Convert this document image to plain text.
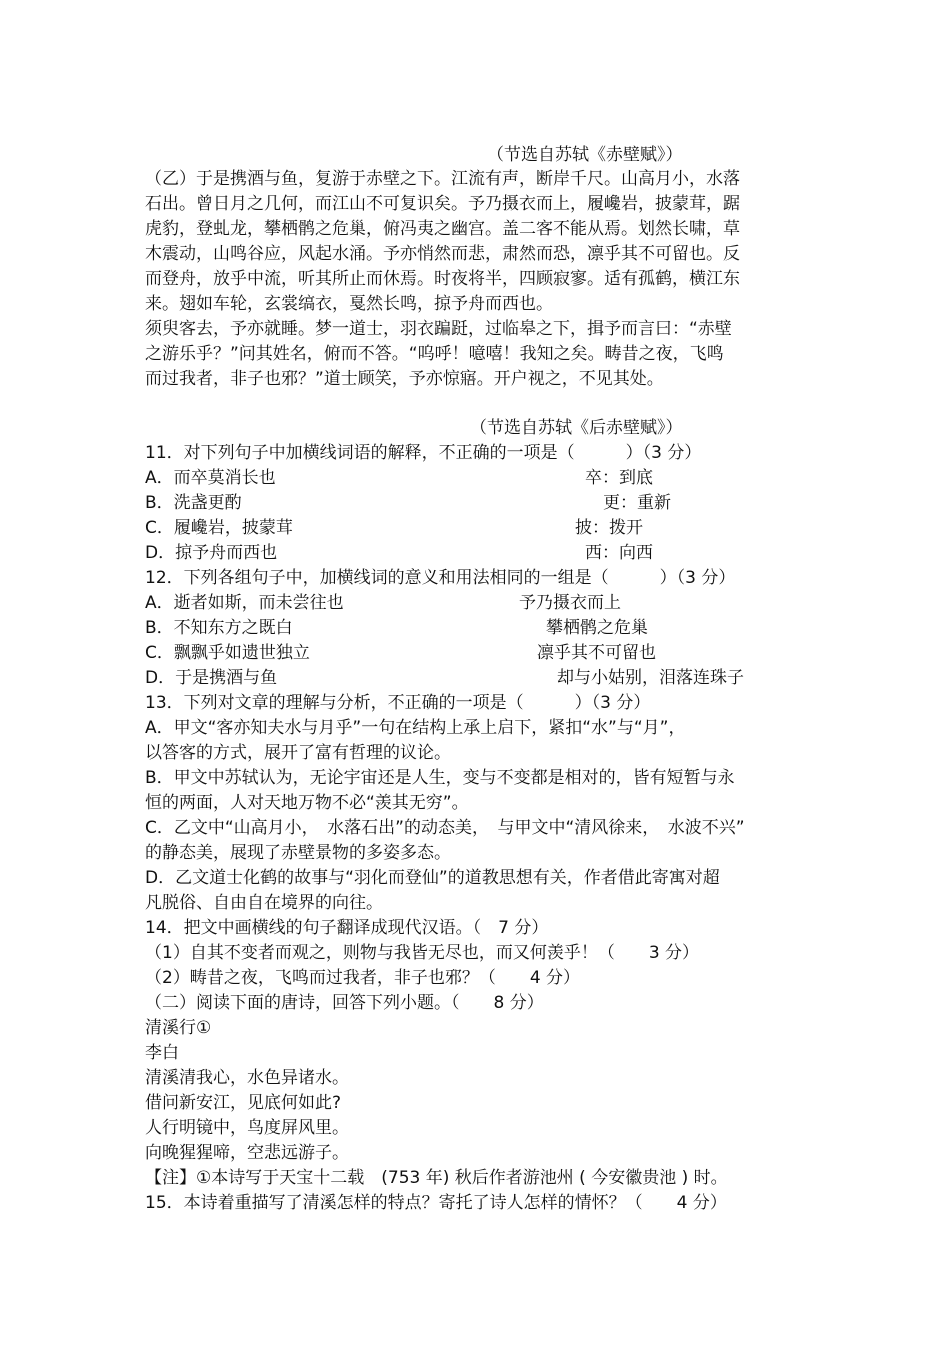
（节选自苏轼《赤壁赋》）
（乙）于是携酒与鱼，复游于赤壁之下。江流有声，断岸千尺。山高月小，水落
石出。曾日月之几何，而江山不可复识矣。予乃摄衣而上，履巉岩，披蒙茸，踞
虎豹，登虬龙，攀栖鹘之危巢，俯冯夷之幽宫。盖二客不能从焉。划然长啸，草
木震动，山鸣谷应，风起水涌。予亦悄然而悲，肃然而恐，凛乎其不可留也。反
而登舟，放乎中流，听其所止而休焉。时夜将半，四顾寂寥。适有孤鹤，横江东
来。翅如车轮，玄裳缟衣，戛然长鸣，掠予舟而西也。
须臾客去，予亦就睡。梦一道士，羽衣蹁跹，过临皋之下，揖予而言曰：“赤壁
之游乐乎？”问其姓名，俯而不答。“呜呼！噫嘻！我知之矣。畴昔之夜，飞鸣
而过我者，非子也邪？”道士顾笑，予亦惊寤。开户视之，不见其处。
（节选自苏轼《后赤壁赋》）
11．对下列句子中加横线词语的解释，不正确的一项是（　　　）（3 分）
A．而卒莫消长也	卒：到底
B．洗盏更酌	更：重新
C．履巉岩，披蒙茸	披：拨开
D．掠予舟而西也	西：向西
12．下列各组句子中，加横线词的意义和用法相同的一组是（　　　）（3 分）
A．逝者如斯，而未尝往也	予乃摄衣而上
B．不知东方之既白	攀栖鹘之危巢
C．飘飘乎如遗世独立	凛乎其不可留也
D．于是携酒与鱼	却与小姑别，泪落连珠子
13．下列对文章的理解与分析，不正确的一项是（　　　）（3 分）
A．甲文“客亦知夫水与月乎”一句在结构上承上启下，紧扣“水”与“月”，
以答客的方式，展开了富有哲理的议论。
B．甲文中苏轼认为，无论宇宙还是人生，变与不变都是相对的，皆有短暂与永
恒的两面，人对天地万物不必“羡其无穷”。
C．乙文中“山高月小，　水落石出”的动态美，　与甲文中“清风徐来，　水波不兴”
的静态美，展现了赤壁景物的多姿多态。
D．乙文道士化鹤的故事与“羽化而登仙”的道教思想有关，作者借此寄寓对超
凡脱俗、自由自在境界的向往。
14．把文中画横线的句子翻译成现代汉语。（　7 分）
（1）自其不变者而观之，则物与我皆无尽也，而又何羡乎！（　　3 分）
（2）畴昔之夜，飞鸣而过我者，非子也邪？（　　4 分）
（二）阅读下面的唐诗，回答下列小题。（　　8 分）
清溪行①
李白
清溪清我心，水色异诸水。
借问新安江，见底何如此?
人行明镜中，鸟度屏风里。
向晚猩猩啼，空悲远游子。
【注】①本诗写于天宝十二载　(753 年) 秋后作者游池州 ( 今安徽贵池 ) 时。
15．本诗着重描写了清溪怎样的特点？寄托了诗人怎样的情怀？（　　4 分）
